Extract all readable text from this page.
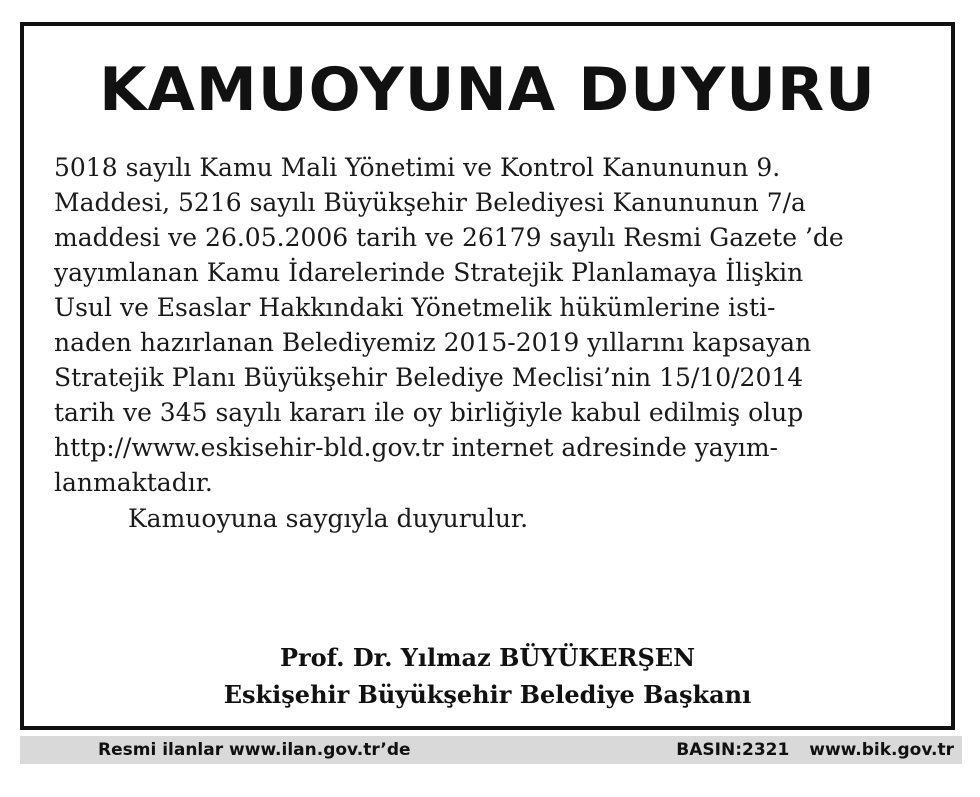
KAMUOYUNA DUYURU
5018 sayılı Kamu Mali Yönetimi ve Kontrol Kanununun 9.
Maddesi, 5216 sayılı Büyükşehir Belediyesi Kanununun 7/a
maddesi ve 26.05.2006 tarih ve 26179 sayılı Resmi Gazete ’de
yayımlanan Kamu İdarelerinde Stratejik Planlamaya İlişkin
Usul ve Esaslar Hakkındaki Yönetmelik hükümlerine isti-
naden hazırlanan Belediyemiz 2015-2019 yıllarını kapsayan
Stratejik Planı Büyükşehir Belediye Meclisi’nin 15/10/2014
tarih ve 345 sayılı kararı ile oy birliğiyle kabul edilmiş olup
http://www.eskisehir-bld.gov.tr internet adresinde yayım-
lanmaktadır.
Kamuoyuna saygıyla duyurulur.
Prof. Dr. Yılmaz BÜYÜKERŞEN
Eskişehir Büyükşehir Belediye Başkanı
Resmi ilanlar www.ilan.gov.tr’de	BASIN:2321 www.bik.gov.tr
